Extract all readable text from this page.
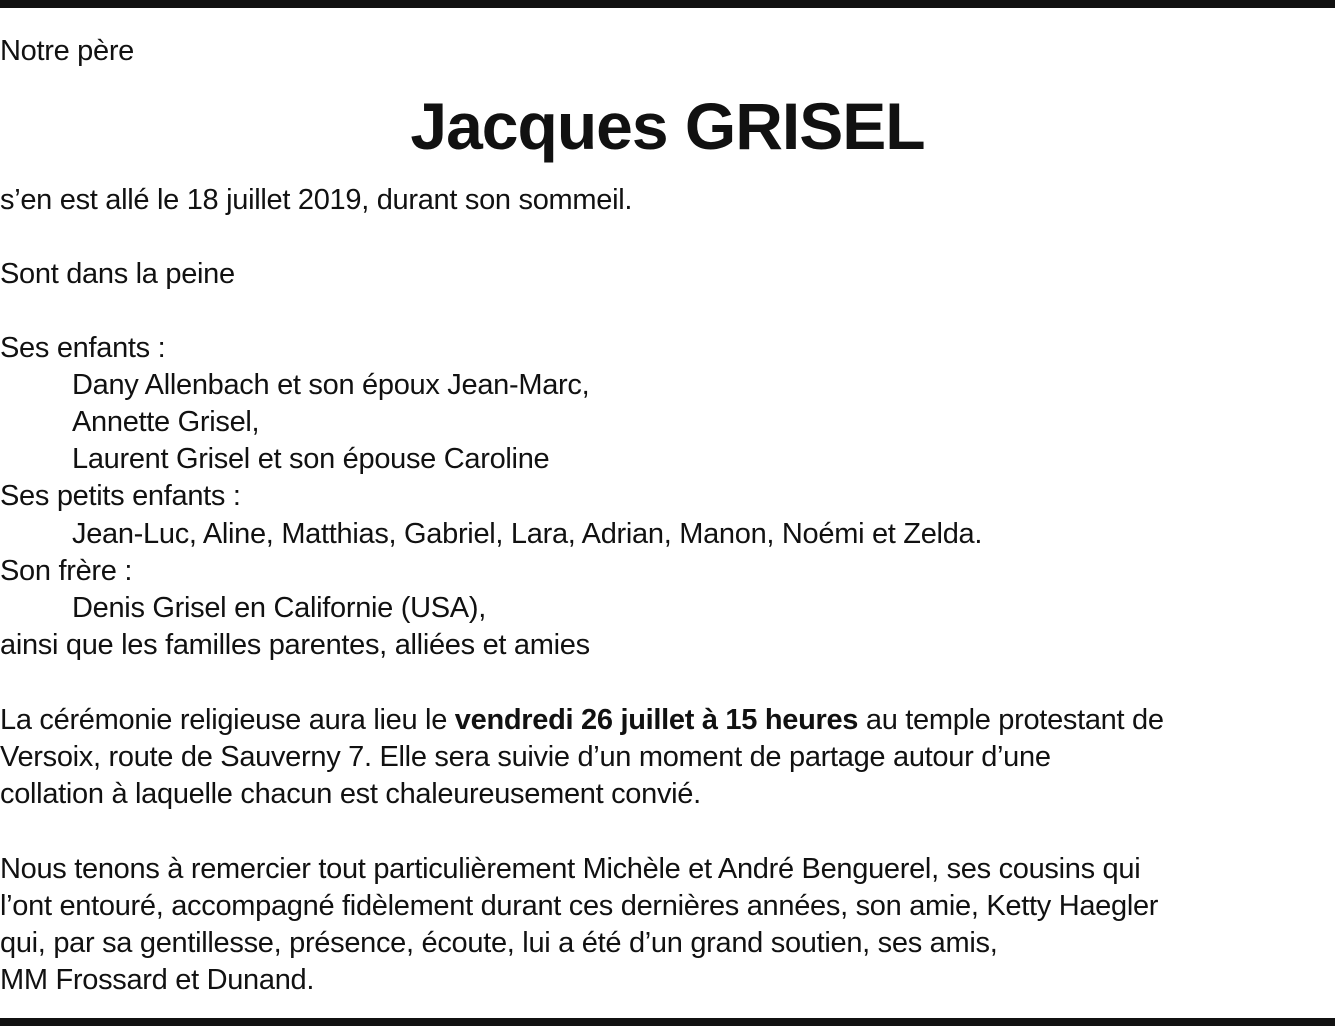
Notre père
Jacques GRISEL
s’en est allé le 18 juillet 2019, durant son sommeil.
Sont dans la peine
Ses enfants :
Dany Allenbach et son époux Jean-Marc,
Annette Grisel,
Laurent Grisel et son épouse Caroline
Ses petits enfants :
Jean-Luc, Aline, Matthias, Gabriel, Lara, Adrian, Manon, Noémi et Zelda.
Son frère :
Denis Grisel en Californie (USA),
ainsi que les familles parentes, alliées et amies
La cérémonie religieuse aura lieu le vendredi 26 juillet à 15 heures au temple protestant de
Versoix, route de Sauverny 7. Elle sera suivie d’un moment de partage autour d’une
collation à laquelle chacun est chaleureusement convié.
Nous tenons à remercier tout particulièrement Michèle et André Benguerel, ses cousins qui
l’ont entouré, accompagné fidèlement durant ces dernières années, son amie, Ketty Haegler
qui, par sa gentillesse, présence, écoute, lui a été d’un grand soutien, ses amis,
MM Frossard et Dunand.
